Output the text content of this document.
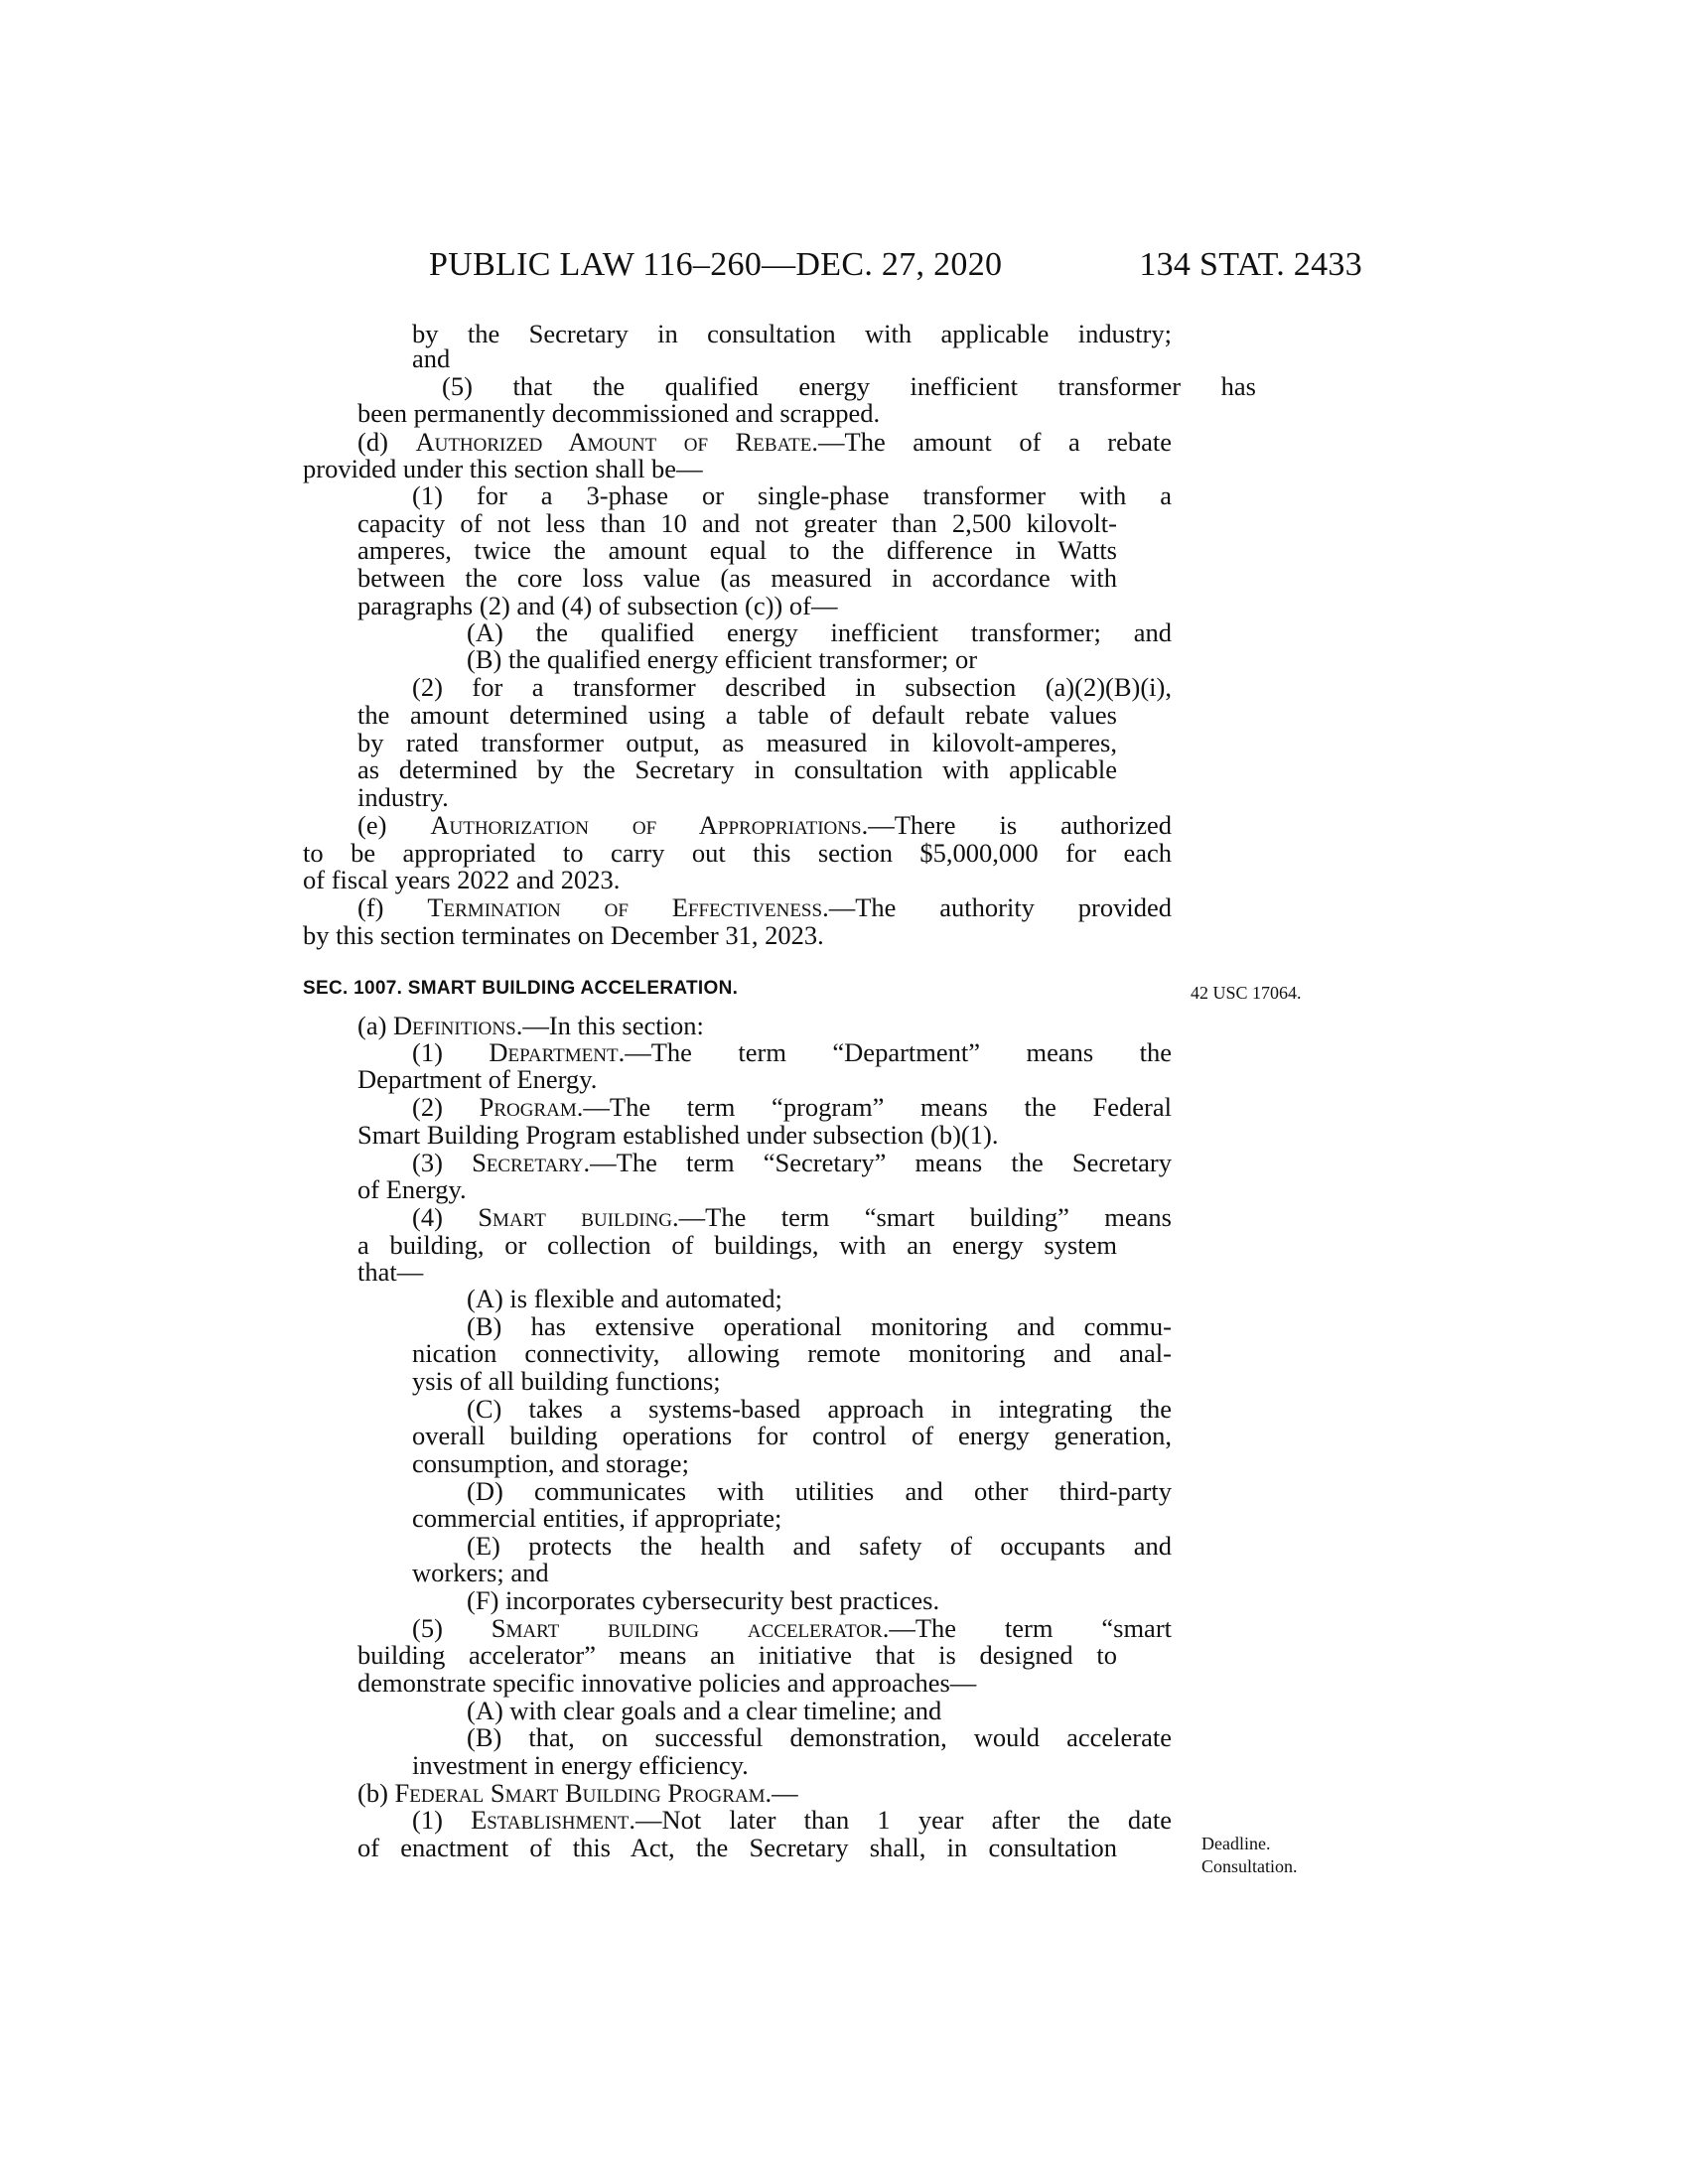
PUBLIC LAW 116–260—DEC. 27, 2020	134 STAT. 2433
by the Secretary in consultation with applicable industry;
and
(5) that the qualified energy inefficient transformer has
been permanently decommissioned and scrapped.
(d) Authorized Amount of Rebate.—The amount of a rebate
provided under this section shall be—
(1) for a 3-phase or single-phase transformer with a
capacity of not less than 10 and not greater than 2,500 kilovolt-
amperes, twice the amount equal to the difference in Watts
between the core loss value (as measured in accordance with
paragraphs (2) and (4) of subsection (c)) of—
(A) the qualified energy inefficient transformer; and
(B) the qualified energy efficient transformer; or
(2) for a transformer described in subsection (a)(2)(B)(i),
the amount determined using a table of default rebate values
by rated transformer output, as measured in kilovolt-amperes,
as determined by the Secretary in consultation with applicable
industry.
(e) Authorization of Appropriations.—There is authorized
to be appropriated to carry out this section $5,000,000 for each
of fiscal years 2022 and 2023.
(f) Termination of Effectiveness.—The authority provided
by this section terminates on December 31, 2023.
(a) Definitions.—In this section:
(1) Department.—The term “Department” means the
Department of Energy.
(2) Program.—The term “program” means the Federal
Smart Building Program established under subsection (b)(1).
(3) Secretary.—The term “Secretary” means the Secretary
of Energy.
(4) Smart building.—The term “smart building” means
a building, or collection of buildings, with an energy system
that—
(A) is flexible and automated;
(B) has extensive operational monitoring and commu-
nication connectivity, allowing remote monitoring and anal-
ysis of all building functions;
(C) takes a systems-based approach in integrating the
overall building operations for control of energy generation,
consumption, and storage;
(D) communicates with utilities and other third-party
commercial entities, if appropriate;
(E) protects the health and safety of occupants and
workers; and
(F) incorporates cybersecurity best practices.
(5) Smart building accelerator.—The term “smart
building accelerator” means an initiative that is designed to
demonstrate specific innovative policies and approaches—
(A) with clear goals and a clear timeline; and
(B) that, on successful demonstration, would accelerate
investment in energy efficiency.
(b) Federal Smart Building Program.—
(1) Establishment.—Not later than 1 year after the date
of enactment of this Act, the Secretary shall, in consultation
SEC. 1007. SMART BUILDING ACCELERATION.	42 USC 17064.
Deadline.
Consultation.
